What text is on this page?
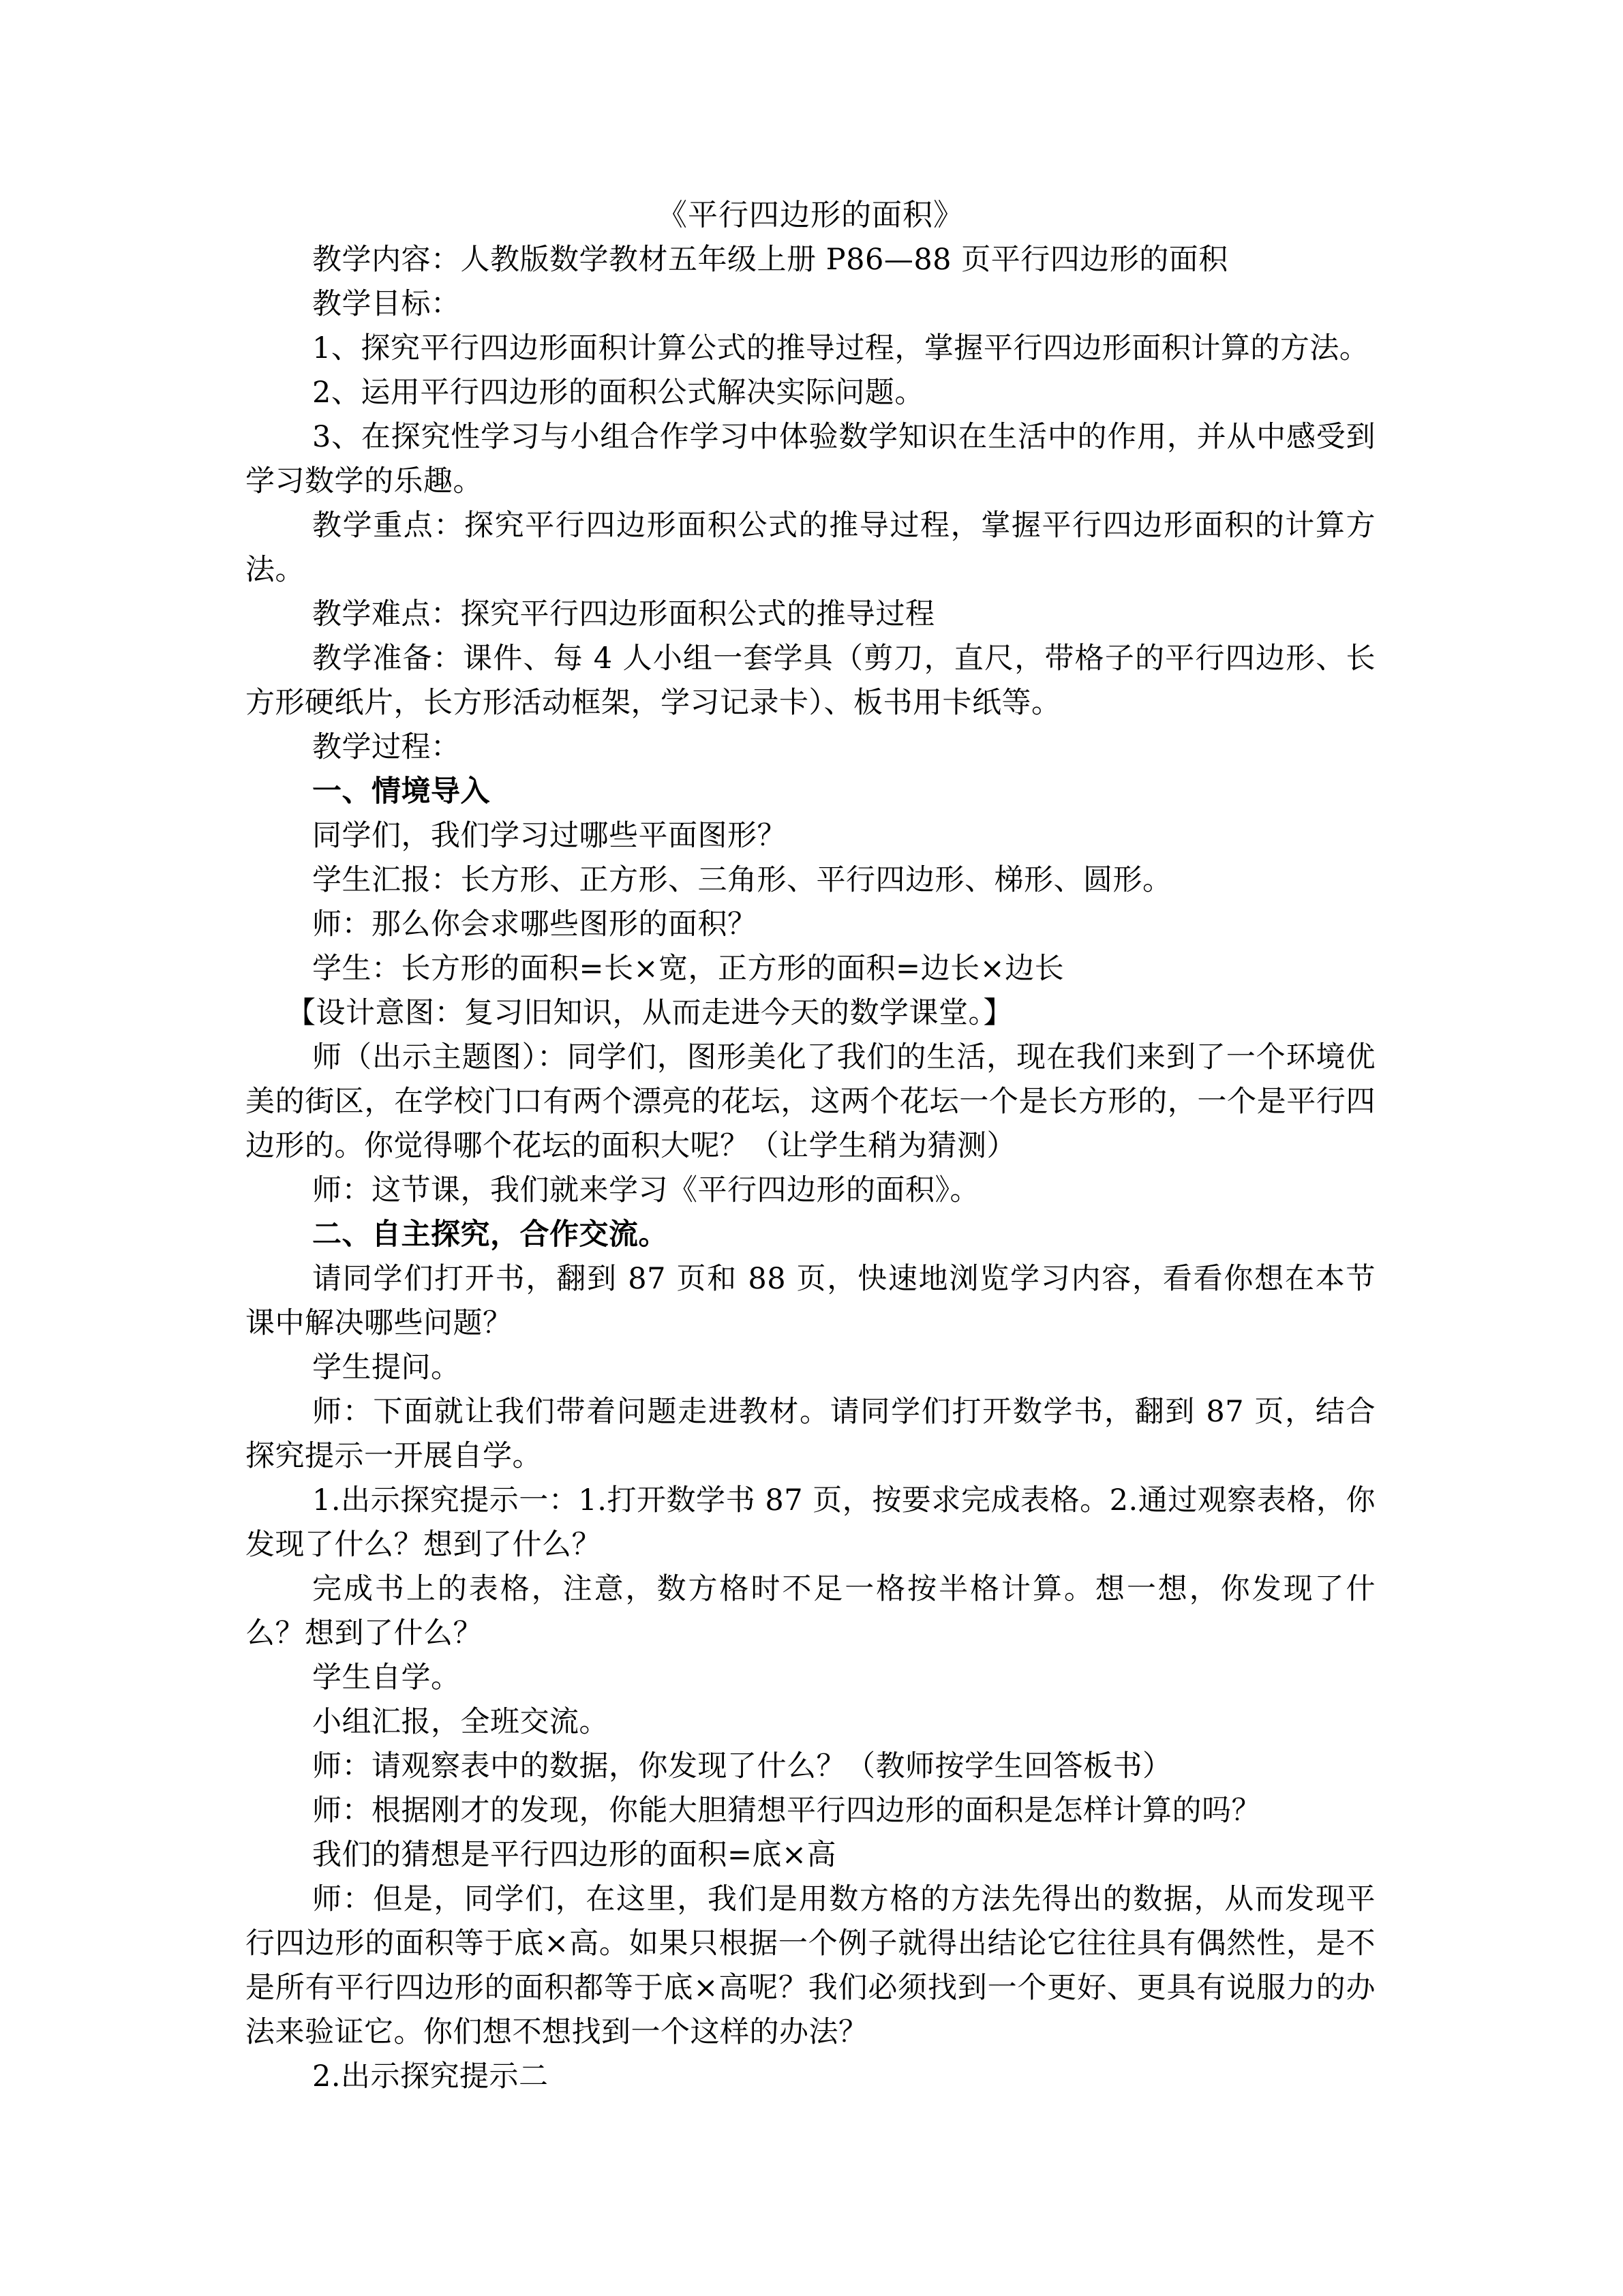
《平行四边形的面积》

教学内容：人教版数学教材五年级上册 P86—88 页平行四边形的面积

教学目标：

1、探究平行四边形面积计算公式的推导过程，掌握平行四边形面积计算的方法。

2、运用平行四边形的面积公式解决实际问题。

3、在探究性学习与小组合作学习中体验数学知识在生活中的作用，并从中感受到学习数学的乐趣。

教学重点：探究平行四边形面积公式的推导过程，掌握平行四边形面积的计算方法。

教学难点：探究平行四边形面积公式的推导过程

教学准备：课件、每 4 人小组一套学具（剪刀，直尺，带格子的平行四边形、长方形硬纸片，长方形活动框架，学习记录卡）、板书用卡纸等。

教学过程：

一、情境导入

同学们，我们学习过哪些平面图形？

学生汇报：长方形、正方形、三角形、平行四边形、梯形、圆形。

师：那么你会求哪些图形的面积？

学生：长方形的面积=长×宽，正方形的面积=边长×边长

【设计意图：复习旧知识，从而走进今天的数学课堂。】

师（出示主题图）：同学们，图形美化了我们的生活，现在我们来到了一个环境优美的街区，在学校门口有两个漂亮的花坛，这两个花坛一个是长方形的，一个是平行四边形的。你觉得哪个花坛的面积大呢？（让学生稍为猜测）

师：这节课，我们就来学习《平行四边形的面积》。

二、自主探究，合作交流。

请同学们打开书，翻到 87 页和 88 页，快速地浏览学习内容，看看你想在本节课中解决哪些问题？

学生提问。

师：下面就让我们带着问题走进教材。请同学们打开数学书，翻到 87 页，结合探究提示一开展自学。

1.出示探究提示一：1.打开数学书 87 页，按要求完成表格。2.通过观察表格，你发现了什么？想到了什么？

完成书上的表格，注意，数方格时不足一格按半格计算。想一想，你发现了什么？想到了什么？

学生自学。

小组汇报，全班交流。

师：请观察表中的数据，你发现了什么？（教师按学生回答板书）

师：根据刚才的发现，你能大胆猜想平行四边形的面积是怎样计算的吗？

我们的猜想是平行四边形的面积=底×高

师：但是，同学们，在这里，我们是用数方格的方法先得出的数据，从而发现平行四边形的面积等于底×高。如果只根据一个例子就得出结论它往往具有偶然性，是不是所有平行四边形的面积都等于底×高呢？我们必须找到一个更好、更具有说服力的办法来验证它。你们想不想找到一个这样的办法？

2.出示探究提示二
